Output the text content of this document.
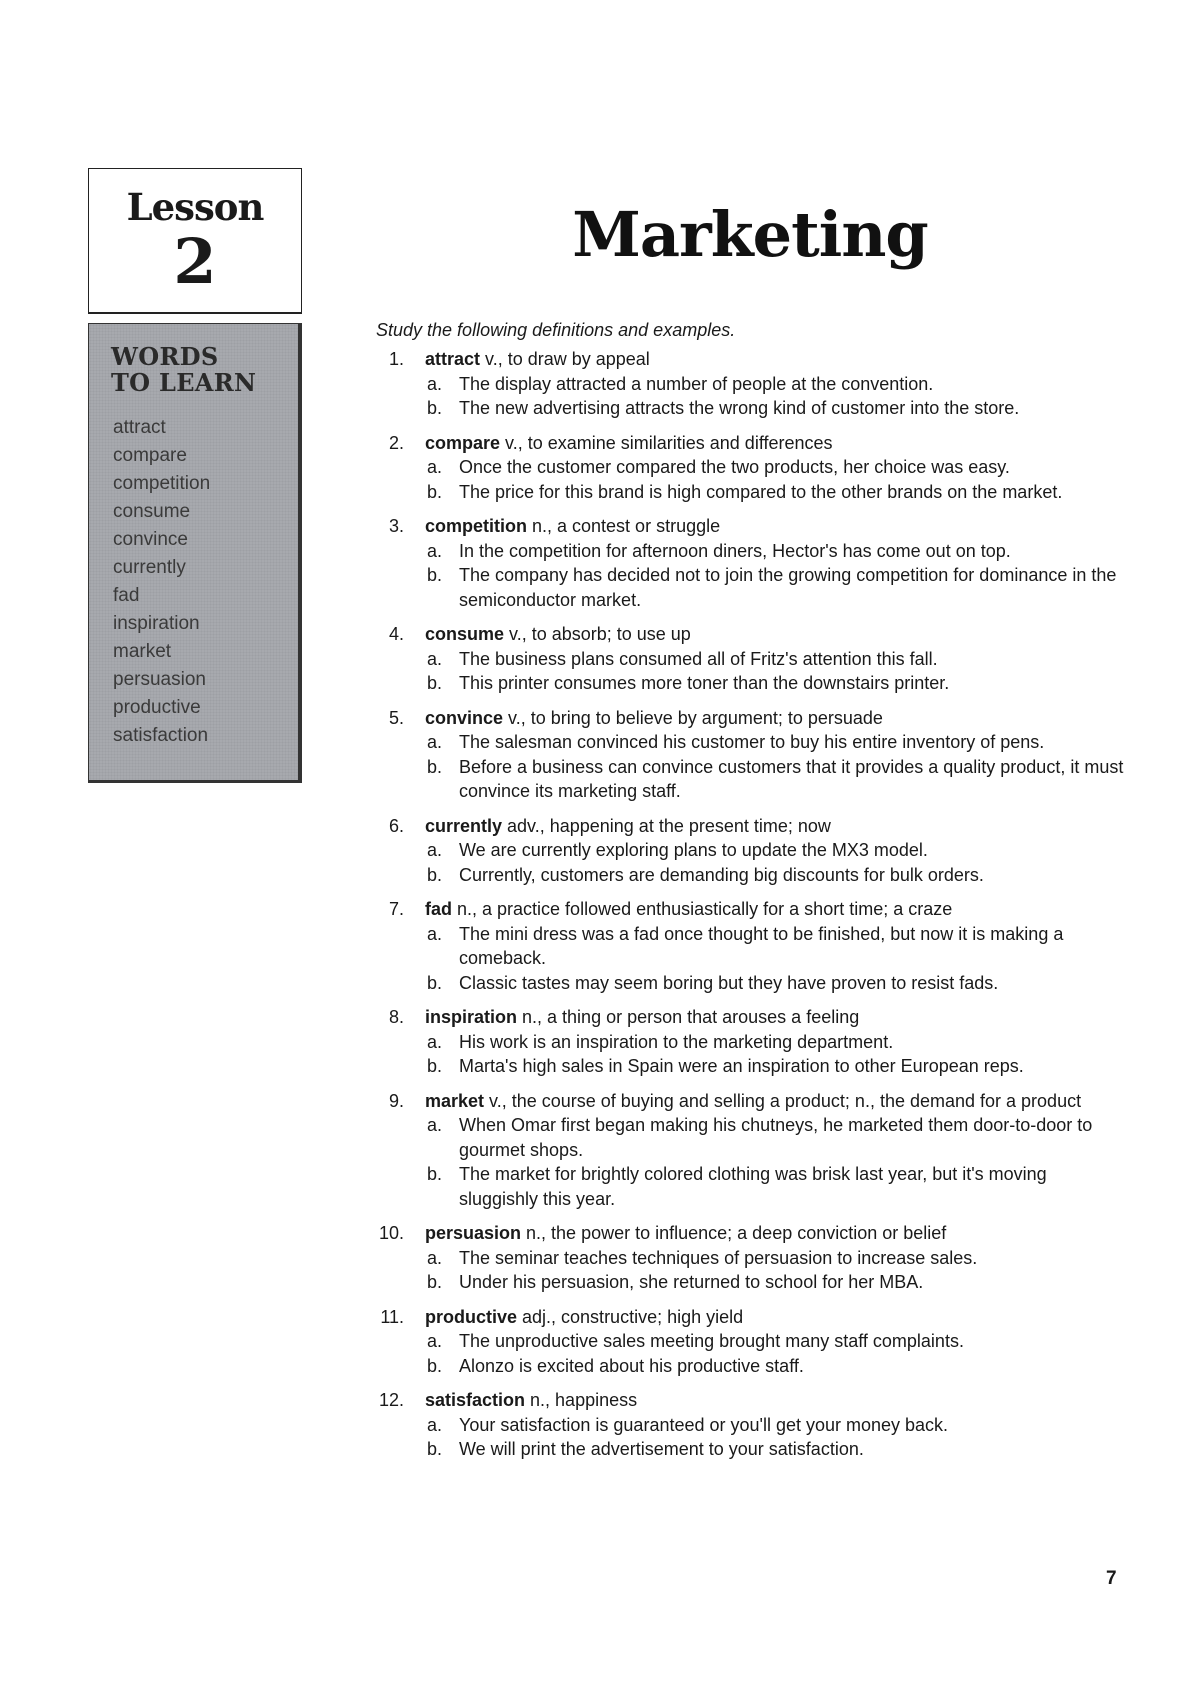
Lesson
2
WORDS
TO LEARN
attract
compare
competition
consume
convince
currently
fad
inspiration
market
persuasion
productive
satisfaction
Marketing
Study the following definitions and examples.
1. attract v., to draw by appeal
a. The display attracted a number of people at the convention.
b. The new advertising attracts the wrong kind of customer into the store.
2. compare v., to examine similarities and differences
a. Once the customer compared the two products, her choice was easy.
b. The price for this brand is high compared to the other brands on the market.
3. competition n., a contest or struggle
a. In the competition for afternoon diners, Hector's has come out on top.
b. The company has decided not to join the growing competition for dominance in the semiconductor market.
4. consume v., to absorb; to use up
a. The business plans consumed all of Fritz's attention this fall.
b. This printer consumes more toner than the downstairs printer.
5. convince v., to bring to believe by argument; to persuade
a. The salesman convinced his customer to buy his entire inventory of pens.
b. Before a business can convince customers that it provides a quality product, it must convince its marketing staff.
6. currently adv., happening at the present time; now
a. We are currently exploring plans to update the MX3 model.
b. Currently, customers are demanding big discounts for bulk orders.
7. fad n., a practice followed enthusiastically for a short time; a craze
a. The mini dress was a fad once thought to be finished, but now it is making a comeback.
b. Classic tastes may seem boring but they have proven to resist fads.
8. inspiration n., a thing or person that arouses a feeling
a. His work is an inspiration to the marketing department.
b. Marta's high sales in Spain were an inspiration to other European reps.
9. market v., the course of buying and selling a product; n., the demand for a product
a. When Omar first began making his chutneys, he marketed them door-to-door to gourmet shops.
b. The market for brightly colored clothing was brisk last year, but it's moving sluggishly this year.
10. persuasion n., the power to influence; a deep conviction or belief
a. The seminar teaches techniques of persuasion to increase sales.
b. Under his persuasion, she returned to school for her MBA.
11. productive adj., constructive; high yield
a. The unproductive sales meeting brought many staff complaints.
b. Alonzo is excited about his productive staff.
12. satisfaction n., happiness
a. Your satisfaction is guaranteed or you'll get your money back.
b. We will print the advertisement to your satisfaction.
7
